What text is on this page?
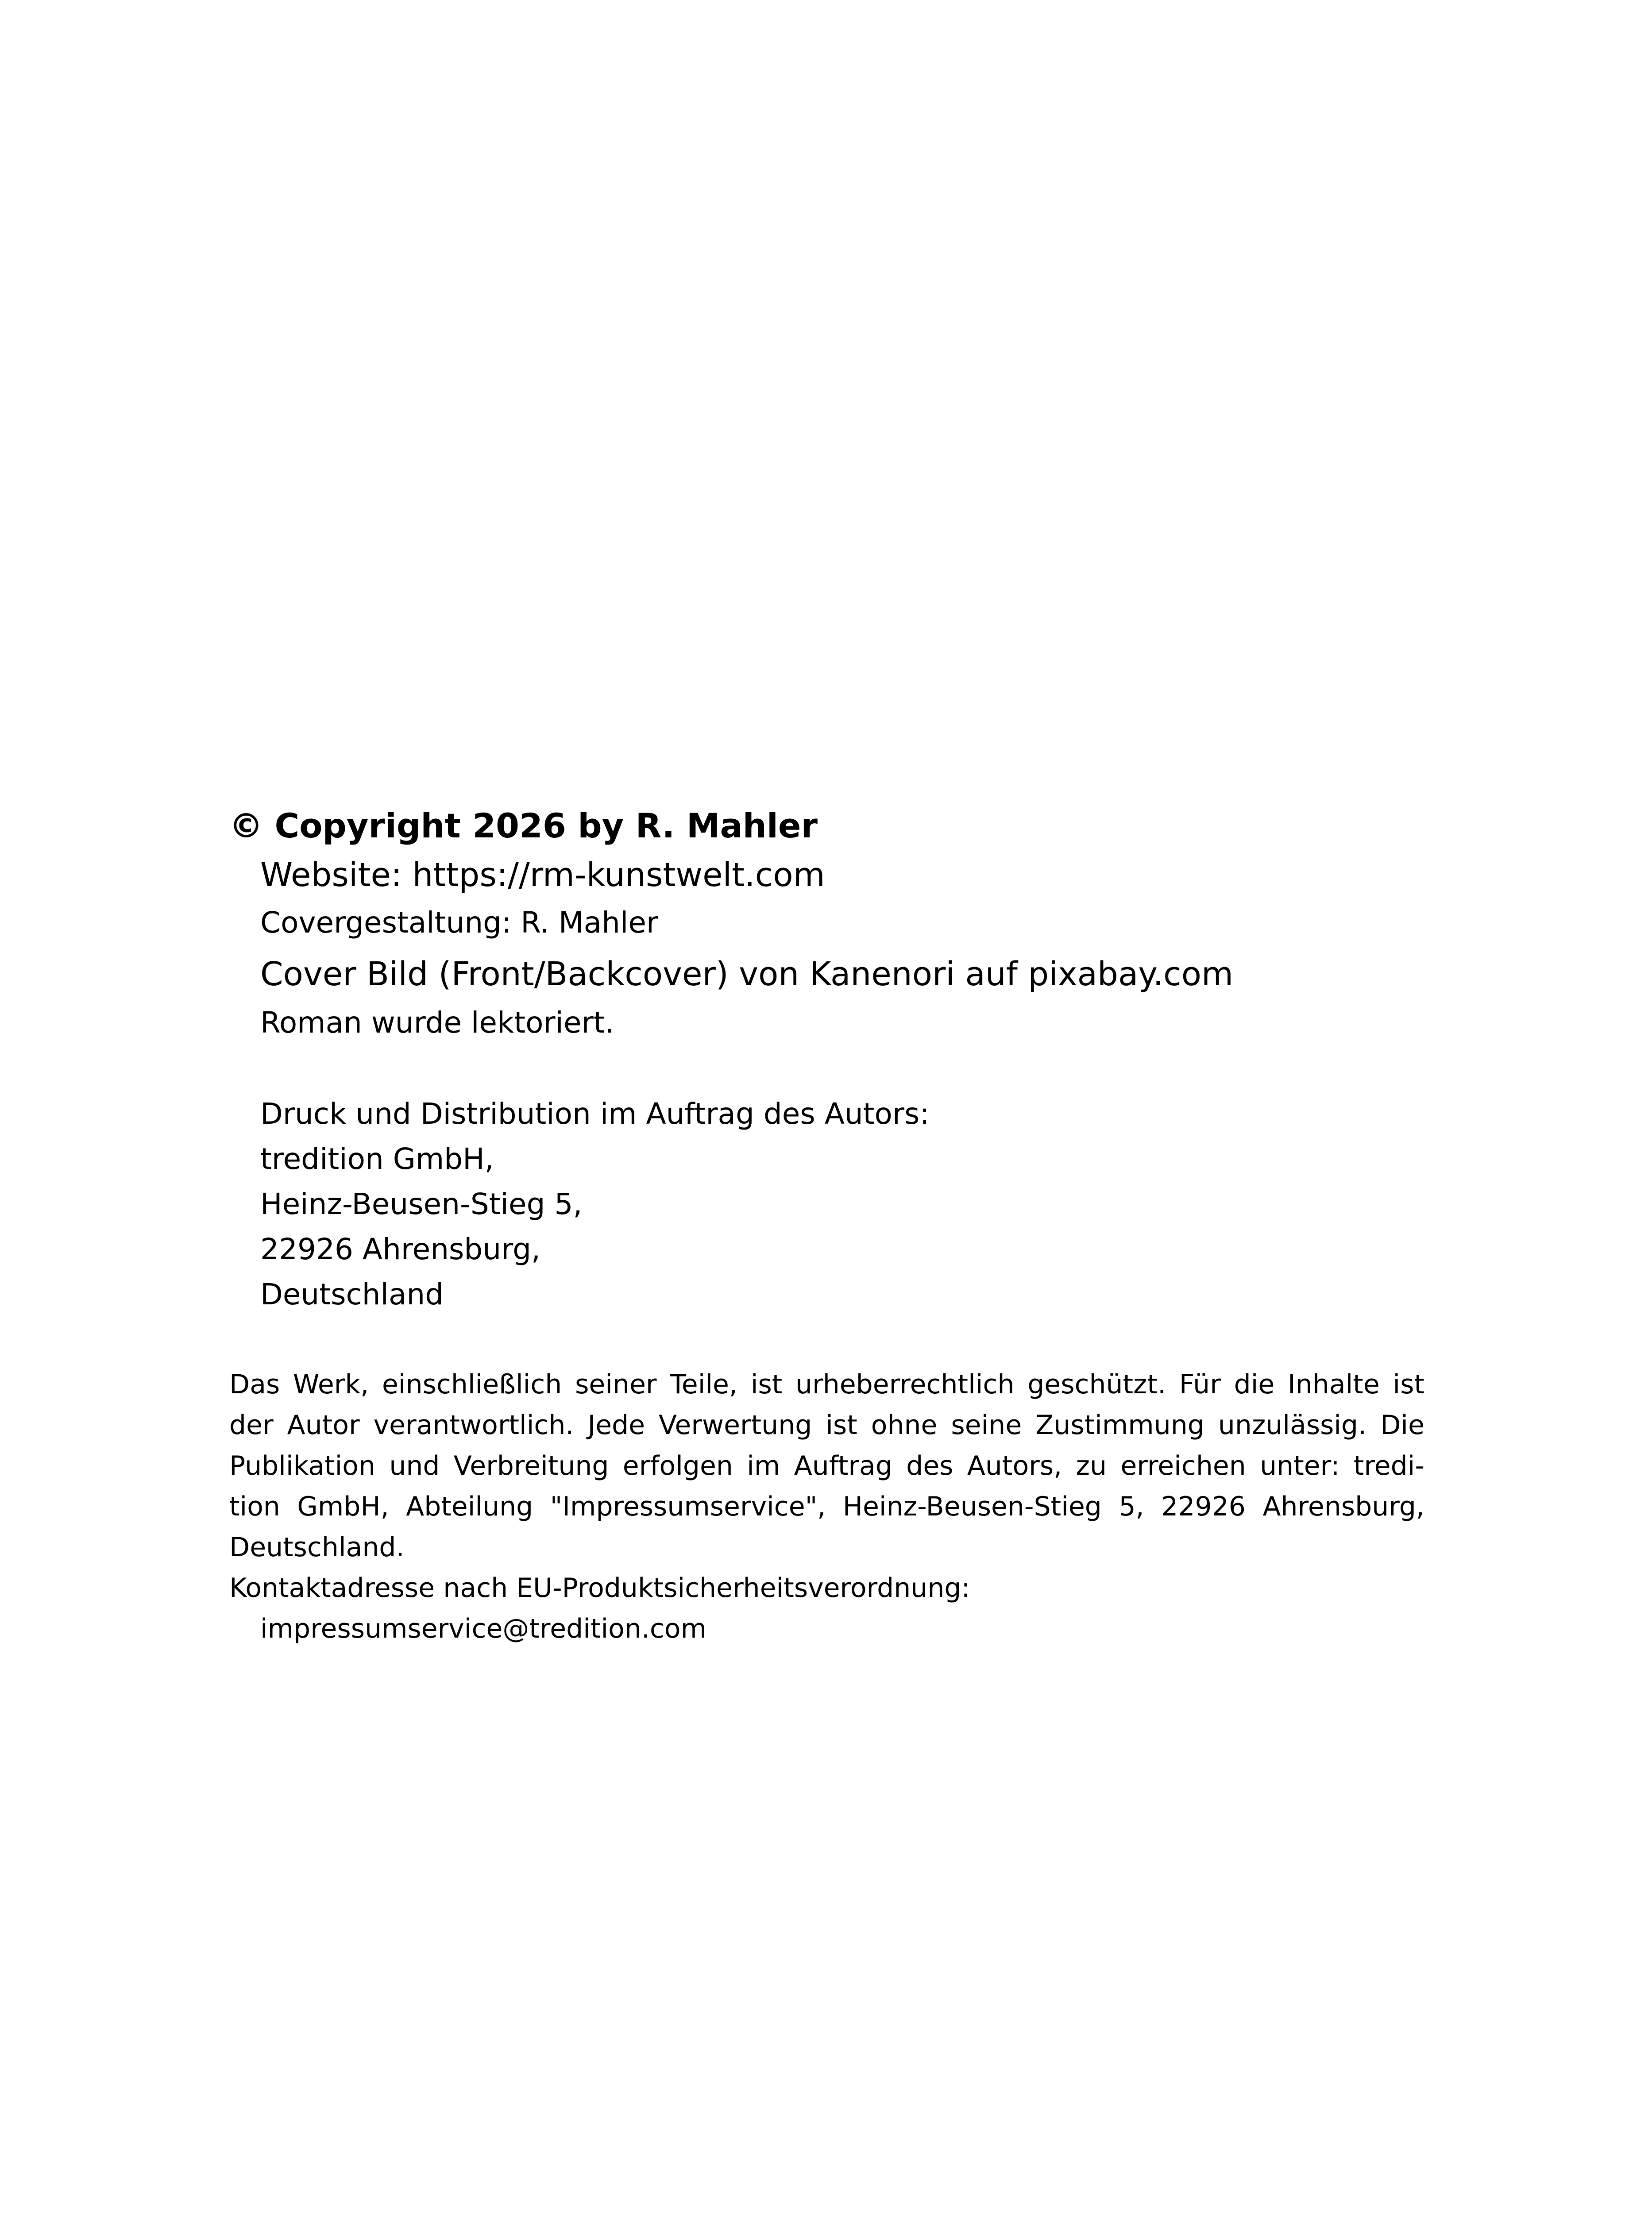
© Copyright 2026 by R. Mahler
Website: https://rm-kunstwelt.com
Covergestaltung: R. Mahler
Cover Bild (Front/Backcover) von Kanenori auf pixabay.com
Roman wurde lektoriert.
Druck und Distribution im Auftrag des Autors:
tredition GmbH,
Heinz-Beusen-Stieg 5,
22926 Ahrensburg,
Deutschland
Das Werk, einschließlich seiner Teile, ist urheberrechtlich geschützt. Für die Inhalte ist
der Autor verantwortlich. Jede Verwertung ist ohne seine Zustimmung unzulässig. Die
Publikation und Verbreitung erfolgen im Auftrag des Autors, zu erreichen unter: tredi-
tion GmbH, Abteilung "Impressumservice", Heinz-Beusen-Stieg 5, 22926 Ahrensburg,
Deutschland.
Kontaktadresse nach EU-Produktsicherheitsverordnung:
impressumservice@tredition.com
